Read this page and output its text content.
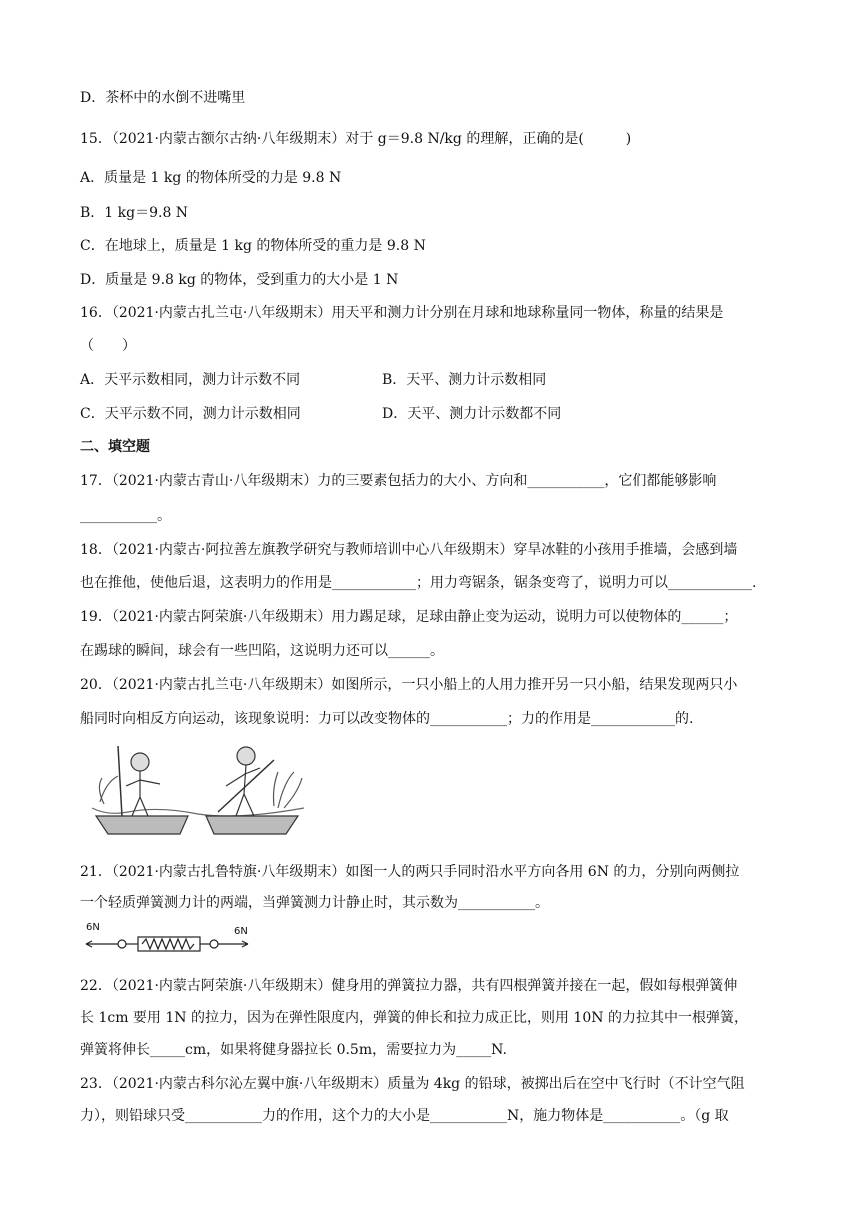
D．茶杯中的水倒不进嘴里
15．（2021·内蒙古额尔古纳·八年级期末）对于 g＝9.8 N/kg 的理解，正确的是(　　　)
A．质量是 1 kg 的物体所受的力是 9.8 N
B．1 kg＝9.8 N
C．在地球上，质量是 1 kg 的物体所受的重力是 9.8 N
D．质量是 9.8 kg 的物体，受到重力的大小是 1 N
16．（2021·内蒙古扎兰屯·八年级期末）用天平和测力计分别在月球和地球称量同一物体，称量的结果是
（　　）
A．天平示数相同，测力计示数不同	B．天平、测力计示数相同
C．天平示数不同，测力计示数相同	D．天平、测力计示数都不同
二、填空题
17．（2021·内蒙古青山·八年级期末）力的三要素包括力的大小、方向和___________，它们都能够影响
___________。
18．（2021·内蒙古·阿拉善左旗教学研究与教师培训中心八年级期末）穿旱冰鞋的小孩用手推墙，会感到墙
也在推他，使他后退，这表明力的作用是____________；用力弯锯条，锯条变弯了，说明力可以____________.
19．（2021·内蒙古阿荣旗·八年级期末）用力踢足球，足球由静止变为运动，说明力可以使物体的______；
在踢球的瞬间，球会有一些凹陷，这说明力还可以______。
20．（2021·内蒙古扎兰屯·八年级期末）如图所示，一只小船上的人用力推开另一只小船，结果发现两只小
船同时向相反方向运动，该现象说明：力可以改变物体的___________；力的作用是____________的.
21．（2021·内蒙古扎鲁特旗·八年级期末）如图一人的两只手同时沿水平方向各用 6N 的力，分别向两侧拉
一个轻质弹簧测力计的两端，当弹簧测力计静止时，其示数为___________。
6N	6N
22．（2021·内蒙古阿荣旗·八年级期末）健身用的弹簧拉力器，共有四根弹簧并接在一起，假如每根弹簧伸
长 1cm 要用 1N 的拉力，因为在弹性限度内，弹簧的伸长和拉力成正比，则用 10N 的力拉其中一根弹簧，
弹簧将伸长_____cm，如果将健身器拉长 0.5m，需要拉力为_____N.
23．（2021·内蒙古科尔沁左翼中旗·八年级期末）质量为 4kg 的铅球，被掷出后在空中飞行时（不计空气阻
力），则铅球只受___________力的作用，这个力的大小是___________N，施力物体是___________。（g 取
